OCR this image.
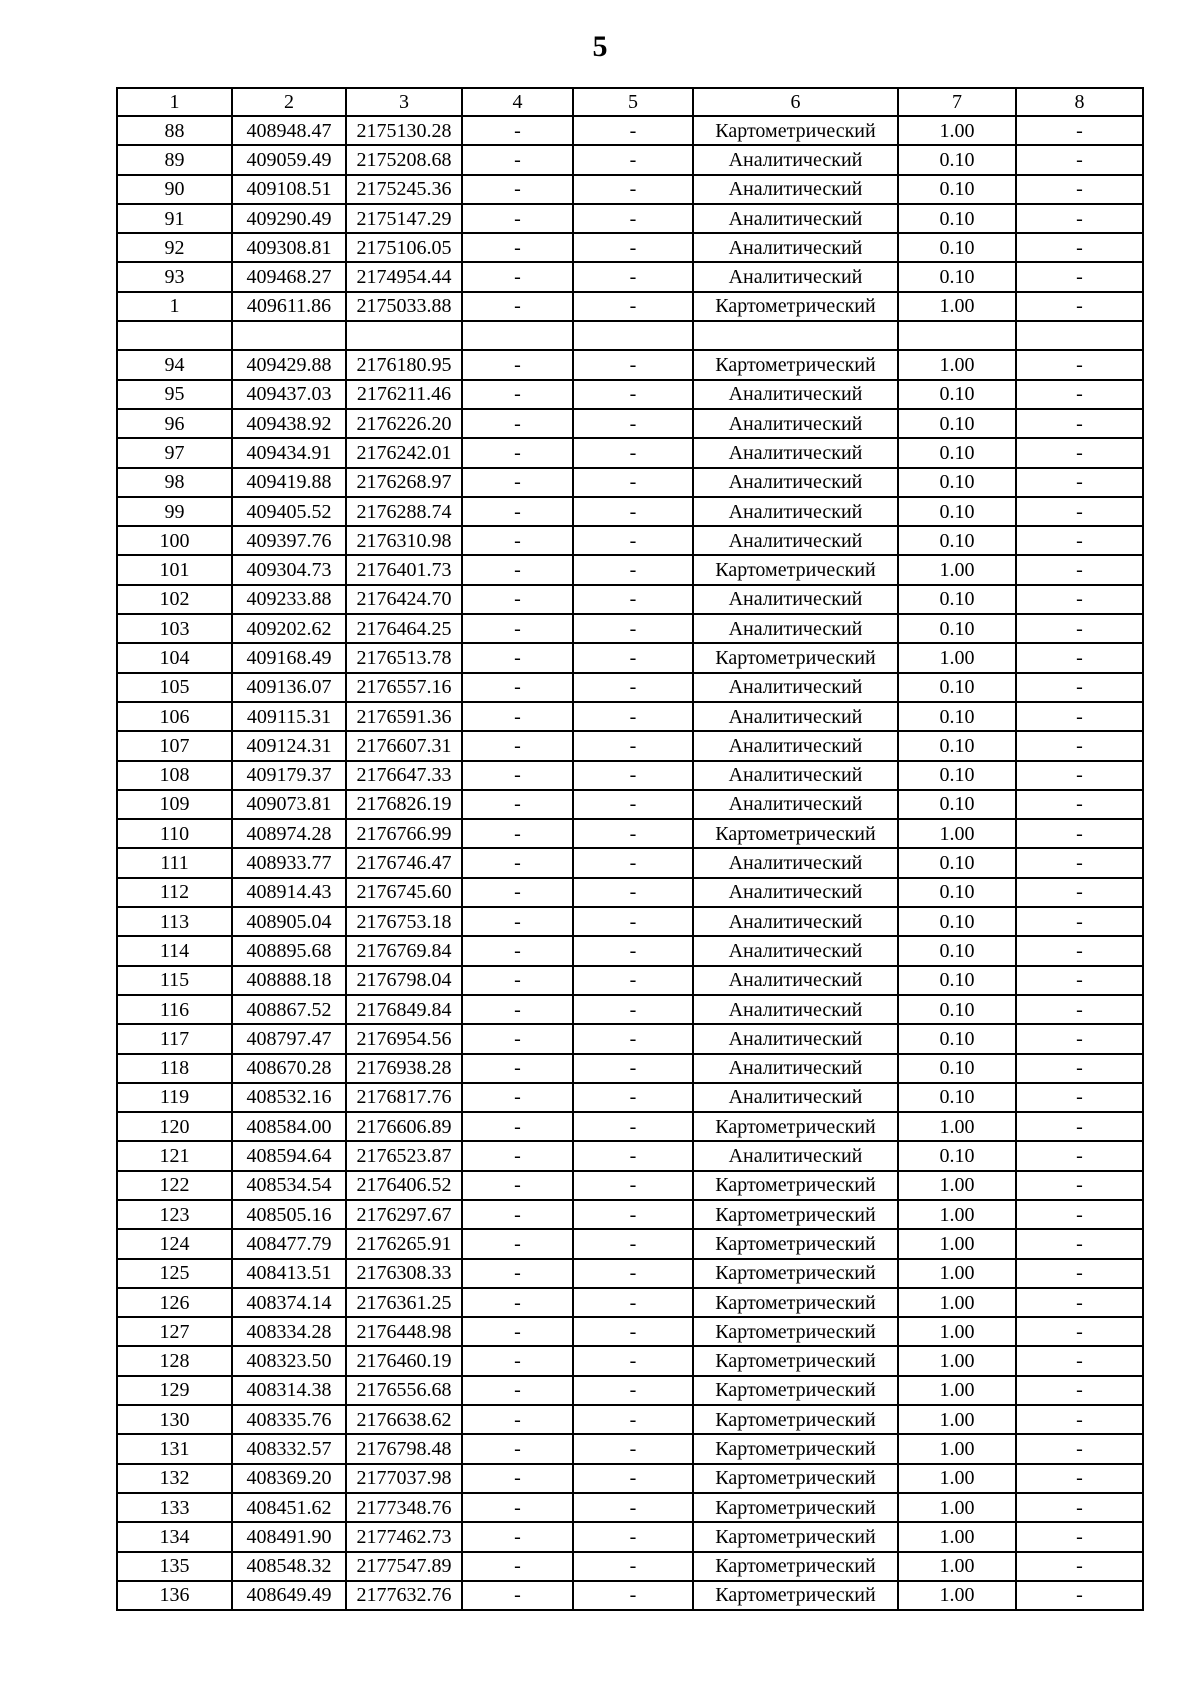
5
1	2	3	4	5	6	7	8
88	408948.47	2175130.28	-	-	Картометрический	1.00	-
89	409059.49	2175208.68	-	-	Аналитический	0.10	-
90	409108.51	2175245.36	-	-	Аналитический	0.10	-
91	409290.49	2175147.29	-	-	Аналитический	0.10	-
92	409308.81	2175106.05	-	-	Аналитический	0.10	-
93	409468.27	2174954.44	-	-	Аналитический	0.10	-
1	409611.86	2175033.88	-	-	Картометрический	1.00	-

94	409429.88	2176180.95	-	-	Картометрический	1.00	-
95	409437.03	2176211.46	-	-	Аналитический	0.10	-
96	409438.92	2176226.20	-	-	Аналитический	0.10	-
97	409434.91	2176242.01	-	-	Аналитический	0.10	-
98	409419.88	2176268.97	-	-	Аналитический	0.10	-
99	409405.52	2176288.74	-	-	Аналитический	0.10	-
100	409397.76	2176310.98	-	-	Аналитический	0.10	-
101	409304.73	2176401.73	-	-	Картометрический	1.00	-
102	409233.88	2176424.70	-	-	Аналитический	0.10	-
103	409202.62	2176464.25	-	-	Аналитический	0.10	-
104	409168.49	2176513.78	-	-	Картометрический	1.00	-
105	409136.07	2176557.16	-	-	Аналитический	0.10	-
106	409115.31	2176591.36	-	-	Аналитический	0.10	-
107	409124.31	2176607.31	-	-	Аналитический	0.10	-
108	409179.37	2176647.33	-	-	Аналитический	0.10	-
109	409073.81	2176826.19	-	-	Аналитический	0.10	-
110	408974.28	2176766.99	-	-	Картометрический	1.00	-
111	408933.77	2176746.47	-	-	Аналитический	0.10	-
112	408914.43	2176745.60	-	-	Аналитический	0.10	-
113	408905.04	2176753.18	-	-	Аналитический	0.10	-
114	408895.68	2176769.84	-	-	Аналитический	0.10	-
115	408888.18	2176798.04	-	-	Аналитический	0.10	-
116	408867.52	2176849.84	-	-	Аналитический	0.10	-
117	408797.47	2176954.56	-	-	Аналитический	0.10	-
118	408670.28	2176938.28	-	-	Аналитический	0.10	-
119	408532.16	2176817.76	-	-	Аналитический	0.10	-
120	408584.00	2176606.89	-	-	Картометрический	1.00	-
121	408594.64	2176523.87	-	-	Аналитический	0.10	-
122	408534.54	2176406.52	-	-	Картометрический	1.00	-
123	408505.16	2176297.67	-	-	Картометрический	1.00	-
124	408477.79	2176265.91	-	-	Картометрический	1.00	-
125	408413.51	2176308.33	-	-	Картометрический	1.00	-
126	408374.14	2176361.25	-	-	Картометрический	1.00	-
127	408334.28	2176448.98	-	-	Картометрический	1.00	-
128	408323.50	2176460.19	-	-	Картометрический	1.00	-
129	408314.38	2176556.68	-	-	Картометрический	1.00	-
130	408335.76	2176638.62	-	-	Картометрический	1.00	-
131	408332.57	2176798.48	-	-	Картометрический	1.00	-
132	408369.20	2177037.98	-	-	Картометрический	1.00	-
133	408451.62	2177348.76	-	-	Картометрический	1.00	-
134	408491.90	2177462.73	-	-	Картометрический	1.00	-
135	408548.32	2177547.89	-	-	Картометрический	1.00	-
136	408649.49	2177632.76	-	-	Картометрический	1.00	-
